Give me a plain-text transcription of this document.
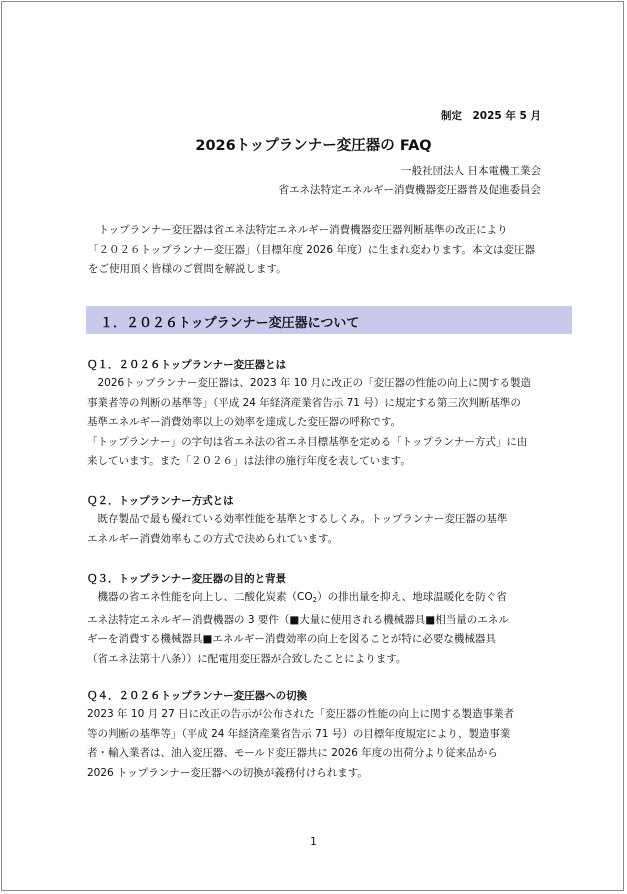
制定　2025 年 5 月
2026トップランナー変圧器の FAQ
一般社団法人 日本電機工業会
省エネ法特定エネルギー消費機器変圧器普及促進委員会

　トップランナー変圧器は省エネ法特定エネルギー消費機器変圧器判断基準の改正により

「２０２６トップランナー変圧器」（目標年度 2026 年度）に生まれ変わります。本文は変圧器

をご使用頂く皆様のご質問を解説します。

１．２０２６トップランナー変圧器について
Ｑ１．２０２６トップランナー変圧器とは

　2026トップランナー変圧器は、2023 年 10 月に改正の「変圧器の性能の向上に関する製造

事業者等の判断の基準等」（平成 24 年経済産業省告示 71 号）に規定する第三次判断基準の

基準エネルギー消費効率以上の効率を達成した変圧器の呼称です。

「トップランナー」の字句は省エネ法の省エネ目標基準を定める「トップランナー方式」に由

来しています。また「２０２６」は法律の施行年度を表しています。

Ｑ２．トップランナー方式とは

　既存製品で最も優れている効率性能を基準とするしくみ。トップランナー変圧器の基準

エネルギー消費効率もこの方式で決められています。

Ｑ３．トップランナー変圧器の目的と背景

　機器の省エネ性能を向上し、二酸化炭素$(CO_2)$の排出量を抑え、地球温暖化を防ぐ省

エネ法特定エネルギー消費機器の 3 要件（■大量に使用される機械器具■相当量のエネル

ギーを消費する機械器具■エネルギー消費効率の向上を図ることが特に必要な機械器具

（省エネ法第十八条））に配電用変圧器が合致したことによります。

Ｑ４．２０２６トップランナー変圧器への切換

2023 年 10 月 27 日に改正の告示が公布された「変圧器の性能の向上に関する製造事業者

等の判断の基準等」（平成 24 年経済産業省告示 71 号）の目標年度規定により、製造事業

者・輸入業者は、油入変圧器、モールド変圧器共に 2026 年度の出荷分より従来品から

2026 トップランナー変圧器への切換が義務付けられます。

1
